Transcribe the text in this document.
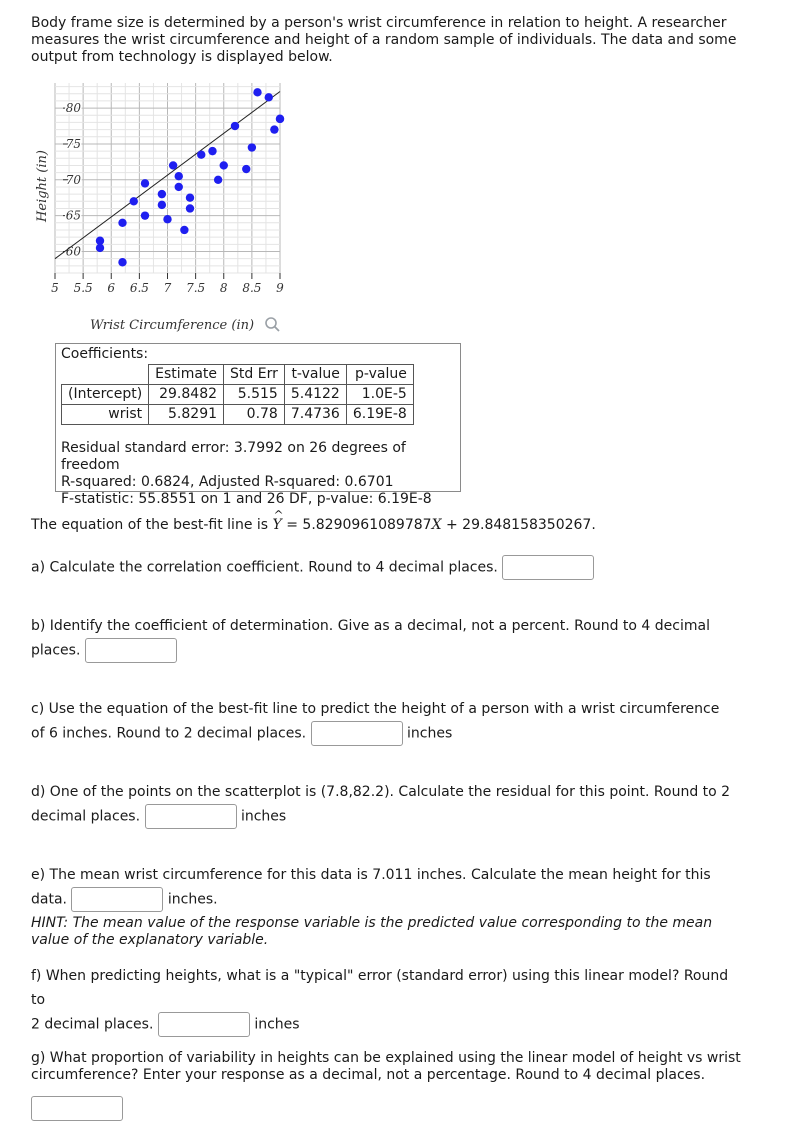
Body frame size is determined by a person's wrist circumference in relation to height. A researcher measures the wrist circumference and height of a random sample of individuals. The data and some output from technology is displayed below.
5 5.5 6 6.5 7 7.5 8 8.5 9
60
65
70
75
80
Height (in)
Wrist Circumference (in)
Coefficients:
	Estimate	Std Err	t-value	p-value
(Intercept)	29.8482	5.515	5.4122	1.0E-5
wrist	5.8291	0.78	7.4736	6.19E-8
Residual standard error: 3.7992 on 26 degrees of freedom
R-squared: 0.6824, Adjusted R-squared: 0.6701
F-statistic: 55.8551 on 1 and 26 DF, p-value: 6.19E-8
The equation of the best-fit line is
^
Y = 5.8290961089787X + 29.848158350267.
a) Calculate the correlation coefficient. Round to 4 decimal places.
b) Identify the coefficient of determination. Give as a decimal, not a percent. Round to 4 decimal
places.
c) Use the equation of the best-fit line to predict the height of a person with a wrist circumference
of 6 inches. Round to 2 decimal places.	inches
d) One of the points on the scatterplot is (7.8,82.2). Calculate the residual for this point. Round to 2
decimal places.	inches
e) The mean wrist circumference for this data is 7.011 inches. Calculate the mean height for this
data.	inches.
HINT: The mean value of the response variable is the predicted value corresponding to the mean value of the explanatory variable.
f) When predicting heights, what is a "typical" error (standard error) using this linear model? Round to
2 decimal places.	inches
g) What proportion of variability in heights can be explained using the linear model of height vs wrist circumference? Enter your response as a decimal, not a percentage. Round to 4 decimal places.
